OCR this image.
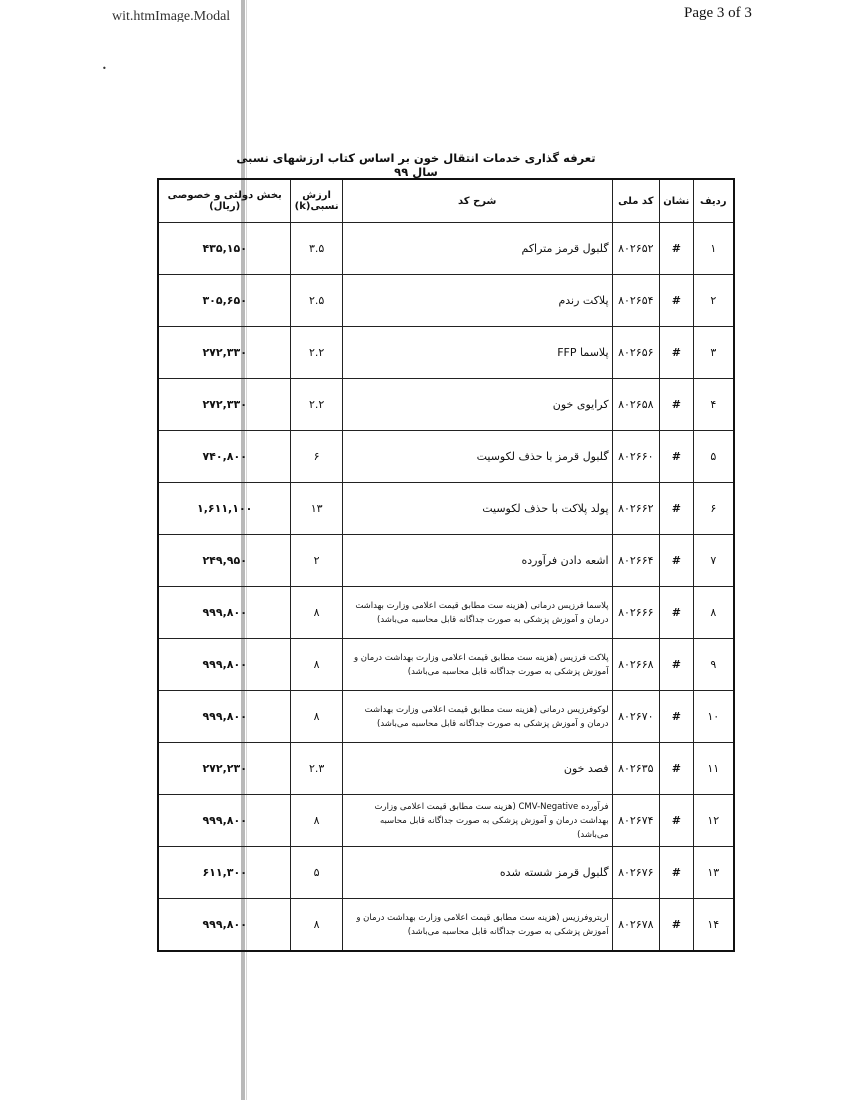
wit.htmImage.Modal	Page 3 of 3
•
تعرفه گذاری خدمات انتقال خون بر اساس کتاب ارزشهای نسبی سال ۹۹
ردیف	نشان	کد ملی	شرح کد	ارزش نسبی(k)	بخش دولتی و خصوصی (ریال)
۱	#	۸۰۲۶۵۲	گلبول قرمز متراکم	۳.۵	۴۳۵,۱۵۰
۲	#	۸۰۲۶۵۴	پلاکت رندم	۲.۵	۳۰۵,۶۵۰
۳	#	۸۰۲۶۵۶	پلاسما FFP	۲.۲	۲۷۲,۳۳۰
۴	#	۸۰۲۶۵۸	کرایوی خون	۲.۲	۲۷۲,۳۳۰
۵	#	۸۰۲۶۶۰	گلبول قرمز با حذف لکوسیت	۶	۷۴۰,۸۰۰
۶	#	۸۰۲۶۶۲	پولد پلاکت با حذف لکوسیت	۱۳	۱,۶۱۱,۱۰۰
۷	#	۸۰۲۶۶۴	اشعه دادن فرآورده	۲	۲۴۹,۹۵۰
۸	#	۸۰۲۶۶۶	پلاسما فرزیس درمانی (هزینه ست مطابق قیمت اعلامی وزارت بهداشت درمان و آموزش پزشکی به صورت جداگانه قابل محاسبه می‌باشد)	۸	۹۹۹,۸۰۰
۹	#	۸۰۲۶۶۸	پلاکت فرزیس (هزینه ست مطابق قیمت اعلامی وزارت بهداشت درمان و آموزش پزشکی به صورت جداگانه قابل محاسبه می‌باشد)	۸	۹۹۹,۸۰۰
۱۰	#	۸۰۲۶۷۰	لوکوفرزیس درمانی (هزینه ست مطابق قیمت اعلامی وزارت بهداشت درمان و آموزش پزشکی به صورت جداگانه قابل محاسبه می‌باشد)	۸	۹۹۹,۸۰۰
۱۱	#	۸۰۲۶۳۵	فصد خون	۲.۳	۲۷۲,۲۳۰
۱۲	#	۸۰۲۶۷۴	فرآورده CMV-Negative (هزینه ست مطابق قیمت اعلامی وزارت بهداشت درمان و آموزش پزشکی به صورت جداگانه قابل محاسبه می‌باشد)	۸	۹۹۹,۸۰۰
۱۳	#	۸۰۲۶۷۶	گلبول قرمز شسته شده	۵	۶۱۱,۳۰۰
۱۴	#	۸۰۲۶۷۸	اریتروفرزیس (هزینه ست مطابق قیمت اعلامی وزارت بهداشت درمان و آموزش پزشکی به صورت جداگانه قابل محاسبه می‌باشد)	۸	۹۹۹,۸۰۰
